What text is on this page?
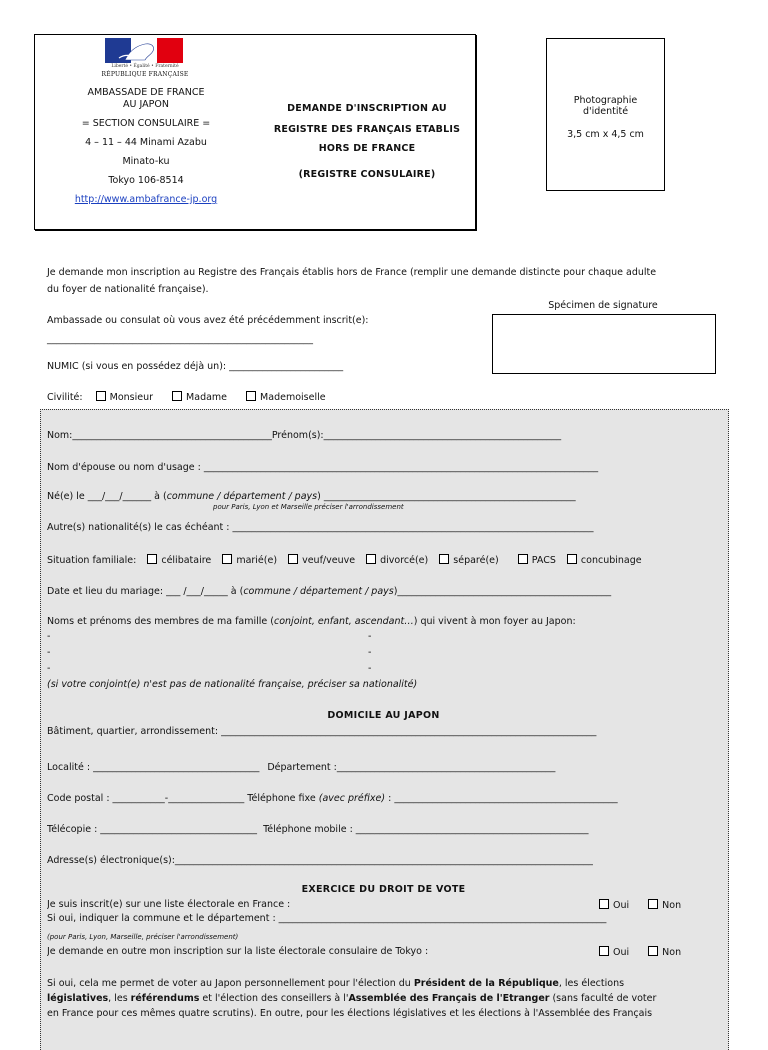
Liberté • Égalité • Fraternité
RÉPUBLIQUE FRANÇAISE
AMBASSADE DE FRANCE
AU JAPON
= SECTION CONSULAIRE =
4 – 11 – 44 Minami Azabu
Minato-ku
Tokyo 106-8514
http://www.ambafrance-jp.org
DEMANDE D'INSCRIPTION AU
REGISTRE DES FRANÇAIS ETABLIS
HORS DE FRANCE
(REGISTRE CONSULAIRE)
Photographie
d'identité
3,5 cm x 4,5 cm
Je demande mon inscription au Registre des Français établis hors de France (remplir une demande distincte pour chaque adulte
du foyer de nationalité française).
Spécimen de signature
Ambassade ou consulat où vous avez été précédemment inscrit(e):
________________________________________________________
NUMIC (si vous en possédez déjà un): ________________________
Civilité:	Monsieur	Madame	Mademoiselle
Nom:__________________________________________Prénom(s):__________________________________________________
Nom d'épouse ou nom d'usage : ___________________________________________________________________________________
Né(e) le ___/___/______ à (commune / département / pays) _____________________________________________________
pour Paris, Lyon et Marseille préciser l'arrondissement
Autre(s) nationalité(s) le cas échéant : ____________________________________________________________________________
Situation familiale:	célibataire	marié(e)	veuf/veuve	divorcé(e)	séparé(e)	PACS	concubinage
Date et lieu du mariage: ___ /___/_____ à (commune / département / pays)_____________________________________________
Noms et prénoms des membres de ma famille (conjoint, enfant, ascendant…) qui vivent à mon foyer au Japon:
-
-
-
-
-
-
(si votre conjoint(e) n'est pas de nationalité française, préciser sa nationalité)
DOMICILE AU JAPON
Bâtiment, quartier, arrondissement: _______________________________________________________________________________
Localité : ___________________________________ Département :______________________________________________
Code postal : ___________-________________ Téléphone fixe (avec préfixe) : _______________________________________________
Télécopie : _________________________________ Téléphone mobile : _________________________________________________
Adresse(s) électronique(s):________________________________________________________________________________________
EXERCICE DU DROIT DE VOTE
Je suis inscrit(e) sur une liste électorale en France :	Oui	Non
Si oui, indiquer la commune et le département : _____________________________________________________________________
(pour Paris, Lyon, Marseille, préciser l'arrondissement)
Je demande en outre mon inscription sur la liste électorale consulaire de Tokyo :	Oui	Non
Si oui, cela me permet de voter au Japon personnellement pour l'élection du Président de la République, les élections
législatives, les référendums et l'élection des conseillers à l'Assemblée des Français de l'Etranger (sans faculté de voter
en France pour ces mêmes quatre scrutins). En outre, pour les élections législatives et les élections à l'Assemblée des Français
